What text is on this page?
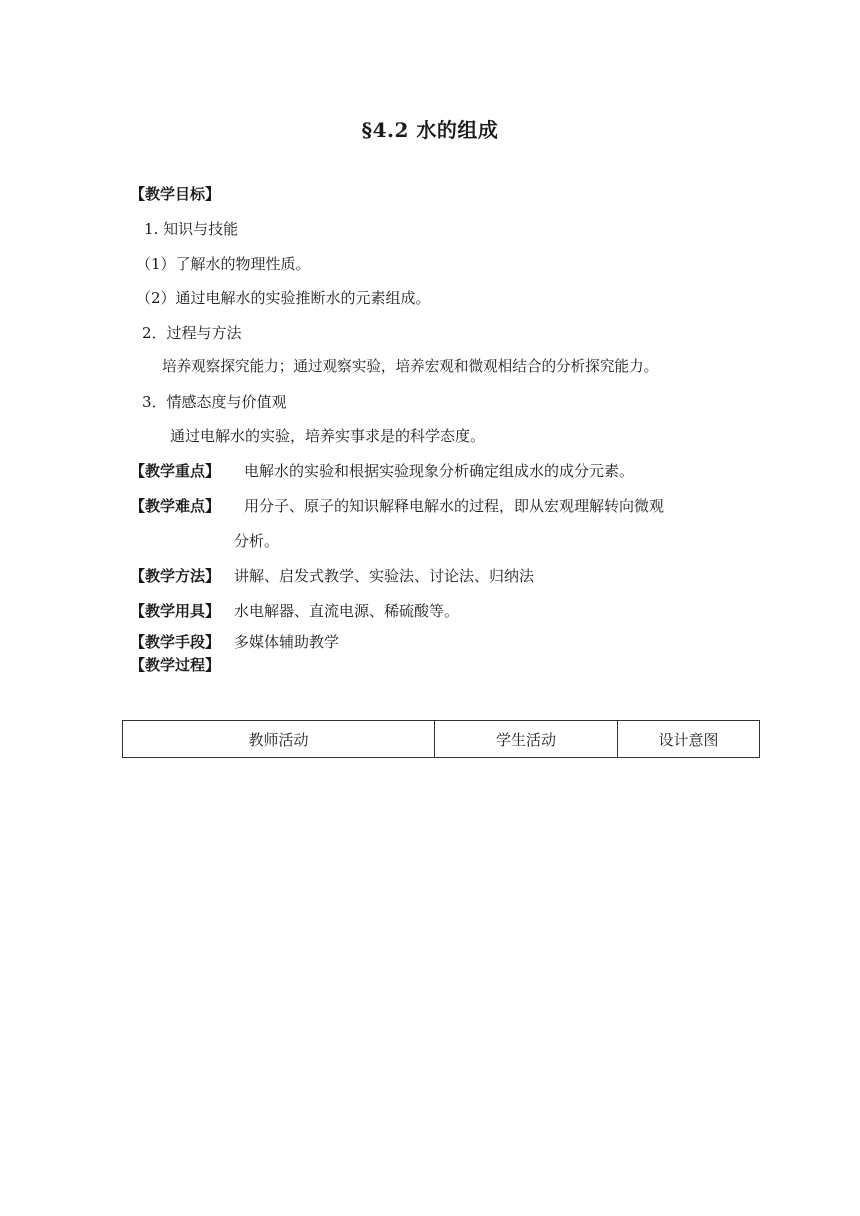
§4.2 水的组成
【教学目标】
1. 知识与技能
（1）了解水的物理性质。
（2）通过电解水的实验推断水的元素组成。
2．过程与方法
培养观察探究能力；通过观察实验，培养宏观和微观相结合的分析探究能力。
3．情感态度与价值观
通过电解水的实验，培养实事求是的科学态度。
【教学重点】 电解水的实验和根据实验现象分析确定组成水的成分元素。
【教学难点】 用分子、原子的知识解释电解水的过程，即从宏观理解转向微观
分析。
【教学方法】 讲解、启发式教学、实验法、讨论法、归纳法
【教学用具】 水电解器、直流电源、稀硫酸等。
【教学手段】 多媒体辅助教学
【教学过程】
教师活动	学生活动	设计意图
